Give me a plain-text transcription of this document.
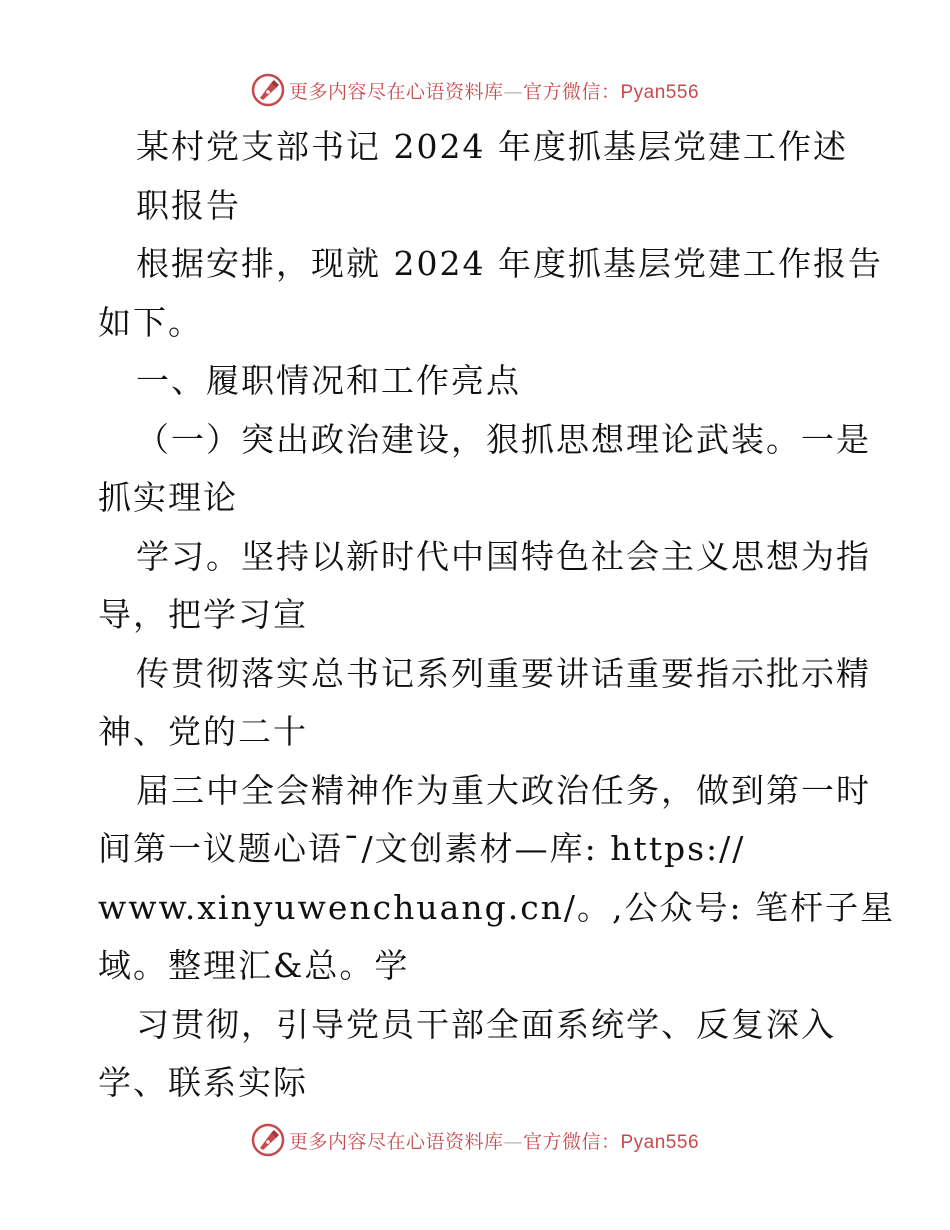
更多内容尽在心语资料库—官方微信：Pyan556
某村党支部书记 2024 年度抓基层党建工作述
职报告
根据安排，现就 2024 年度抓基层党建工作报告
如下。
一、履职情况和工作亮点
（一）突出政治建设，狠抓思想理论武装。一是
抓实理论
学习。坚持以新时代中国特色社会主义思想为指
导，把学习宣
传贯彻落实总书记系列重要讲话重要指示批示精
神、党的二十
届三中全会精神作为重大政治任务，做到第一时
间第一议题心语¯/文创素材—库: https://
www.xinyuwenchuang.cn/。,公众号: 笔杆子星
域。整理汇&总。学
习贯彻，引导党员干部全面系统学、反复深入
学、联系实际
更多内容尽在心语资料库—官方微信：Pyan556
